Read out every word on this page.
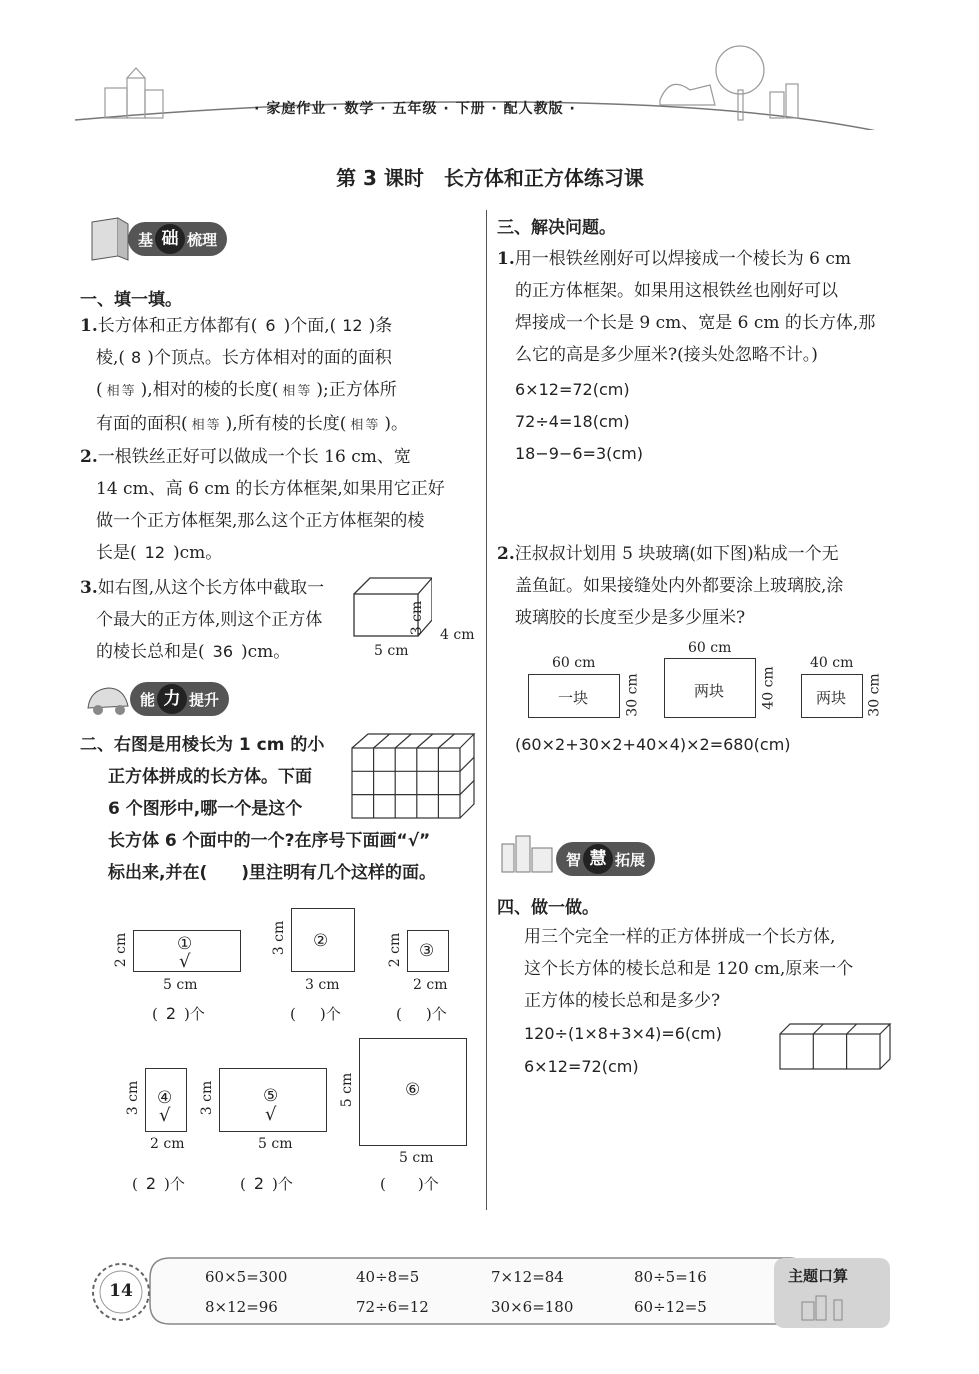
· 家庭作业 · 数学 · 五年级 · 下册 · 配人教版 ·
第 3 课时　长方体和正方体练习课
基 础 梳理
一、填一填。
1.长方体和正方体都有( 6 )个面,( 12 )条
棱,( 8 )个顶点。长方体相对的面的面积
( 相等 ),相对的棱的长度( 相等 );正方体所
有面的面积( 相等 ),所有棱的长度( 相等 )。
2.一根铁丝正好可以做成一个长 16 cm、宽
14 cm、高 6 cm 的长方体框架,如果用它正好
做一个正方体框架,那么这个正方体框架的棱
长是( 12 )cm。
3.如右图,从这个长方体中截取一
个最大的正方体,则这个正方体
的棱长总和是( 36 )cm。
3 cm 4 cm
5 cm
能 力 提升
二、右图是用棱长为 1 cm 的小
正方体拼成的长方体。下面
6 个图形中,哪一个是这个
长方体 6 个面中的一个?在序号下面画“√”
标出来,并在(　　)里注明有几个这样的面。
①
√
2 cm
5 cm
( 2 )个
②
3 cm
3 cm
( )个
③
2 cm
2 cm
( )个
④
√
3 cm
2 cm
( 2 )个
⑤
√
3 cm
5 cm
( 2 )个
⑥
5 cm
5 cm
( )个
三、解决问题。
1.用一根铁丝刚好可以焊接成一个棱长为 6 cm
的正方体框架。如果用这根铁丝也刚好可以
焊接成一个长是 9 cm、宽是 6 cm 的长方体,那
么它的高是多少厘米?(接头处忽略不计。)
6×12=72(cm)
72÷4=18(cm)
18−9−6=3(cm)
2.汪叔叔计划用 5 块玻璃(如下图)粘成一个无
盖鱼缸。如果接缝处内外都要涂上玻璃胶,涂
玻璃胶的长度至少是多少厘米?
60 cm
一块	30 cm
60 cm
两块	40 cm
40 cm
两块 30 cm
(60×2+30×2+40×4)×2=680(cm)
智 慧 拓展
四、做一做。
用三个完全一样的正方体拼成一个长方体,
这个长方体的棱长总和是 120 cm,原来一个
正方体的棱长总和是多少?
120÷(1×8+3×4)=6(cm)
6×12=72(cm)
14
主题口算
60×5=300	40÷8=5	7×12=84	80÷5=16
8×12=96	72÷6=12	30×6=180	60÷12=5
